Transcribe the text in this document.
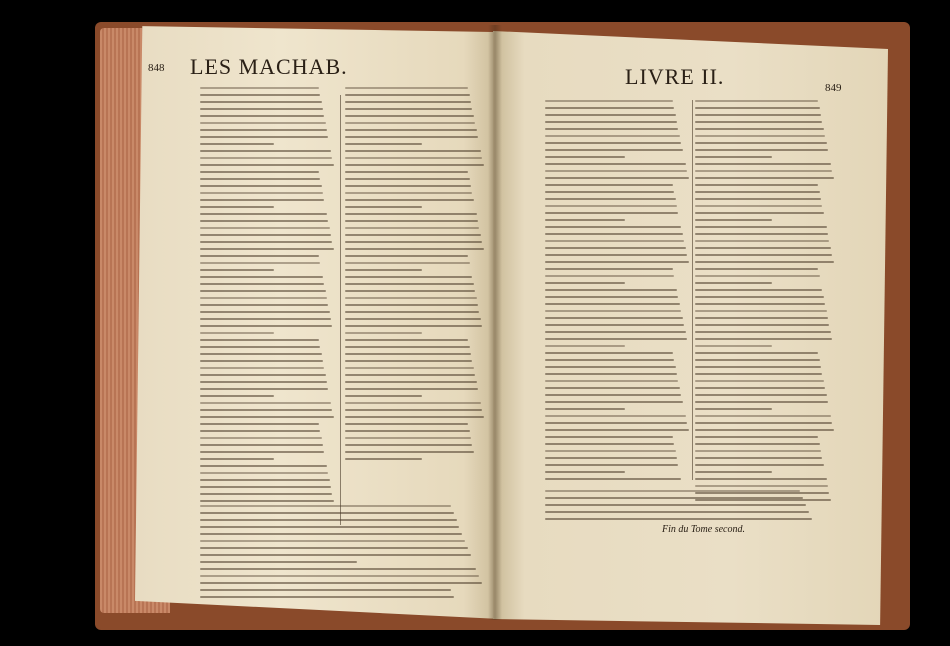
848 LES MACHAB.	LIVRE II.	849
Fin du Tome second.
